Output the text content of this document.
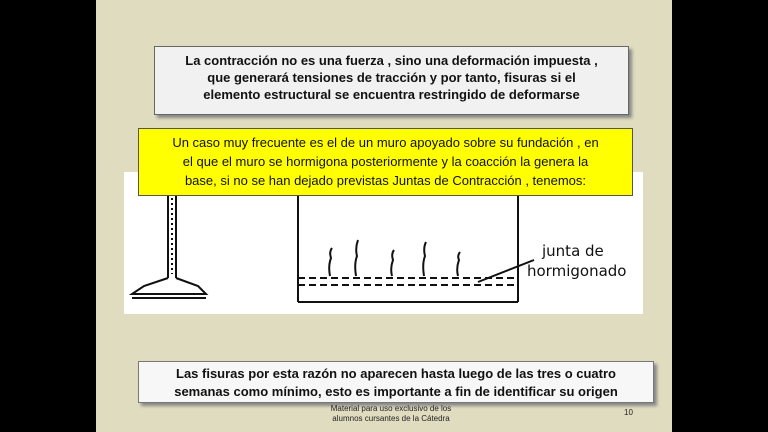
La contracción no es una fuerza , sino una deformación impuesta ,
que generará tensiones de tracción y por tanto, fisuras si el
elemento estructural se encuentra restringido de deformarse
junta de
hormigonado
Un caso muy frecuente es el de un muro apoyado sobre su fundación , en
el que el muro se hormigona posteriormente y la coacción la genera la
base, si no se han dejado previstas Juntas de Contracción , tenemos:
Las fisuras por esta razón no aparecen hasta luego de las tres o cuatro
semanas como mínimo, esto es importante a fin de identificar su origen
Material para uso exclusivo de los
alumnos cursantes de la Cátedra
10
